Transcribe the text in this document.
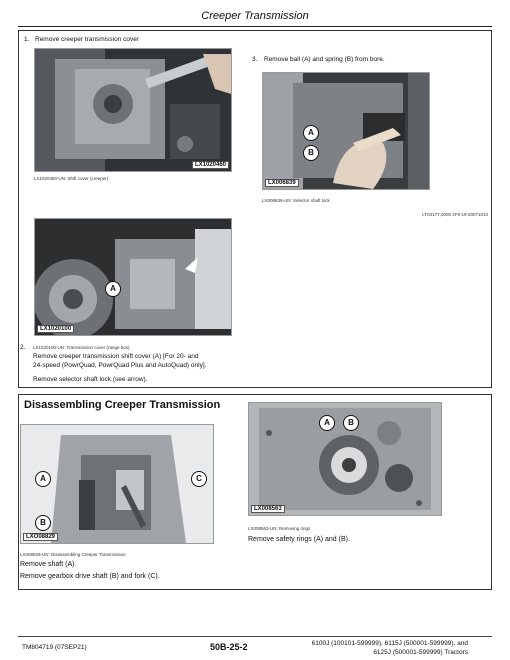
Creeper Transmission
1. Remove creeper transmission cover
LX1020460
LX1020460-UN: Shift cover (creeper)
3. Remove ball (A) and spring (B) from bore.
A
B
LX006839
LX006839-UN: Selector shaft lock
LT04177,0000 1F9-19-20071010
A
LX1020100
2. LX1020100-UN: Transmission cover (range box)
Remove creeper transmission shift cover (A) [For 20- and
24-speed (PowrQuad, PowrQuad Plus and AutoQuad) only].
Remove selector shaft lock (see arrow).
Disassembling Creeper Transmission
A
B
C
LXO08829
LX008829-UN: Disassembling Creeper Transmission
A	B
LX008563
LX008563-UN: Removing rings
Remove safety rings (A) and (B).
Remove shaft (A).
Remove gearbox drive shaft (B) and fork (C).
TM804719 (07SEP21)	50B-25-2	6100J (100101-599999), 6115J (500001-599999), and
6125J (500001-599999) Tractors
